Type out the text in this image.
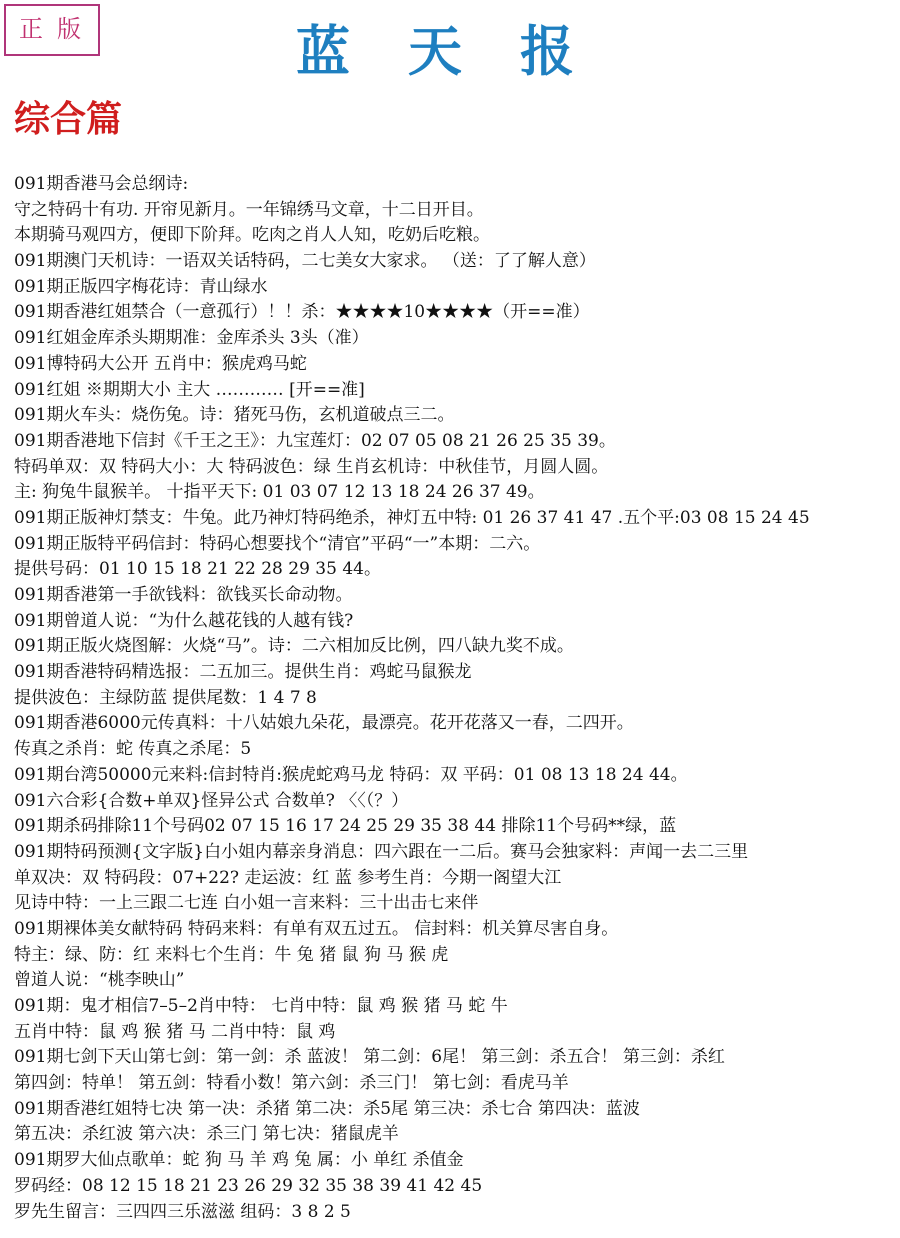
正版	蓝天报
综合篇
091期香港马会总纲诗:
守之特码十有功. 开帘见新月。一年锦绣马文章，十二日开目。
本期骑马观四方，便即下阶拜。吃肉之肖人人知，吃奶后吃粮。
091期澳门天机诗：一语双关话特码，二七美女大家求。 （送：了了解人意）
091期正版四字梅花诗：青山绿水
091期香港红姐禁合（一意孤行）！！杀：★★★★10★★★★（开==准）
091红姐金库杀头期期准：金库杀头 3头（准）
091博特码大公开 五肖中：猴虎鸡马蛇
091红姐 ※期期大小 主大 ………… [开==准]
091期火车头：烧伤兔。诗：猪死马伤，玄机道破点三二。
091期香港地下信封《千王之王》：九宝莲灯：02 07 05 08 21 26 25 35 39。
特码单双：双 特码大小：大 特码波色：绿 生肖玄机诗：中秋佳节，月圆人圆。
主: 狗兔牛鼠猴羊。 十指平天下: 01 03 07 12 13 18 24 26 37 49。
091期正版神灯禁支：牛兔。此乃神灯特码绝杀，神灯五中特: 01 26 37 41 47 .五个平:03 08 15 24 45
091期正版特平码信封：特码心想要找个“清官”平码“一”本期：二六。
提供号码：01 10 15 18 21 22 28 29 35 44。
091期香港第一手欲钱料：欲钱买长命动物。
091期曾道人说：“为什么越花钱的人越有钱?
091期正版火烧图解：火烧“马”。诗：二六相加反比例，四八缺九奖不成。
091期香港特码精选报：二五加三。提供生肖：鸡蛇马鼠猴龙
提供波色：主绿防蓝 提供尾数：1 4 7 8
091期香港6000元传真料：十八姑娘九朵花，最漂亮。花开花落又一春，二四开。
传真之杀肖：蛇 传真之杀尾：5
091期台湾50000元来料:信封特肖:猴虎蛇鸡马龙 特码：双 平码：01 08 13 18 24 44。
091六合彩{合数+单双}怪异公式 合数单? 〈〈（？）
091期杀码排除11个号码02 07 15 16 17 24 25 29 35 38 44 排除11个号码**绿，蓝
091期特码预测{文字版}白小姐内幕亲身消息：四六跟在一二后。赛马会独家料：声闻一去二三里
单双决：双 特码段：07+22? 走运波：红 蓝 参考生肖：今期一阁望大江
见诗中特：一上三跟二七连 白小姐一言来料：三十出击七来伴
091期裸体美女献特码 特码来料：有单有双五过五。 信封料：机关算尽害自身。
特主：绿、防：红 来料七个生肖：牛 兔 猪 鼠 狗 马 猴 虎
曾道人说：“桃李映山”
091期：鬼才相信7–5–2肖中特： 七肖中特：鼠 鸡 猴 猪 马 蛇 牛
五肖中特：鼠 鸡 猴 猪 马 二肖中特：鼠 鸡
091期七剑下天山第七剑：第一剑：杀 蓝波！ 第二剑：6尾！ 第三剑：杀五合！ 第三剑：杀红
第四剑：特单！ 第五剑：特看小数！第六剑：杀三门！ 第七剑：看虎马羊
091期香港红姐特七决 第一决：杀猪 第二决：杀5尾 第三决：杀七合 第四决：蓝波
第五决：杀红波 第六决：杀三门 第七决：猪鼠虎羊
091期罗大仙点歌单：蛇 狗 马 羊 鸡 兔 属：小 单红 杀值金
罗码经：08 12 15 18 21 23 26 29 32 35 38 39 41 42 45
罗先生留言：三四四三乐滋滋 组码：3 8 2 5
